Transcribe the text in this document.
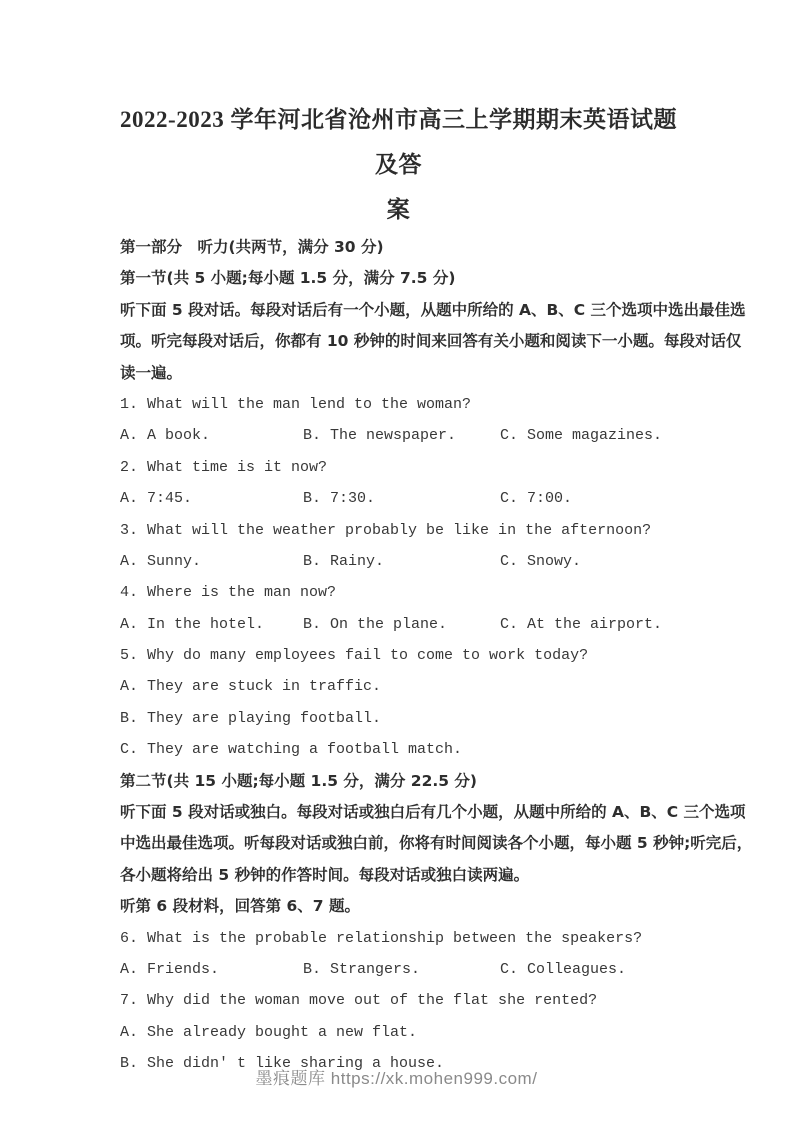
2022-2023 学年河北省沧州市高三上学期期末英语试题及答
案
第一部分　听力(共两节，满分 30 分)
第一节(共 5 小题;每小题 1.5 分，满分 7.5 分)
听下面 5 段对话。每段对话后有一个小题，从题中所给的 A、B、C 三个选项中选出最佳选
项。听完每段对话后，你都有 10 秒钟的时间来回答有关小题和阅读下一小题。每段对话仅
读一遍。
1. What will the man lend to the woman?
A. A book.	B. The newspaper.	C. Some magazines.
2. What time is it now?
A. 7:45.	B. 7:30.	C. 7:00.
3. What will the weather probably be like in the afternoon?
A. Sunny.	B. Rainy.	C. Snowy.
4. Where is the man now?
A. In the hotel.	B. On the plane.	C. At the airport.
5. Why do many employees fail to come to work today?
A. They are stuck in traffic.
B. They are playing football.
C. They are watching a football match.
第二节(共 15 小题;每小题 1.5 分，满分 22.5 分)
听下面 5 段对话或独白。每段对话或独白后有几个小题，从题中所给的 A、B、C 三个选项
中选出最佳选项。听每段对话或独白前，你将有时间阅读各个小题，每小题 5 秒钟;听完后，
各小题将给出 5 秒钟的作答时间。每段对话或独白读两遍。
听第 6 段材料，回答第 6、7 题。
6. What is the probable relationship between the speakers?
A. Friends.	B. Strangers.	C. Colleagues.
7. Why did the woman move out of the flat she rented?
A. She already bought a new flat.
B. She didn' t like sharing a house.
墨痕题库 https://xk.mohen999.com/
